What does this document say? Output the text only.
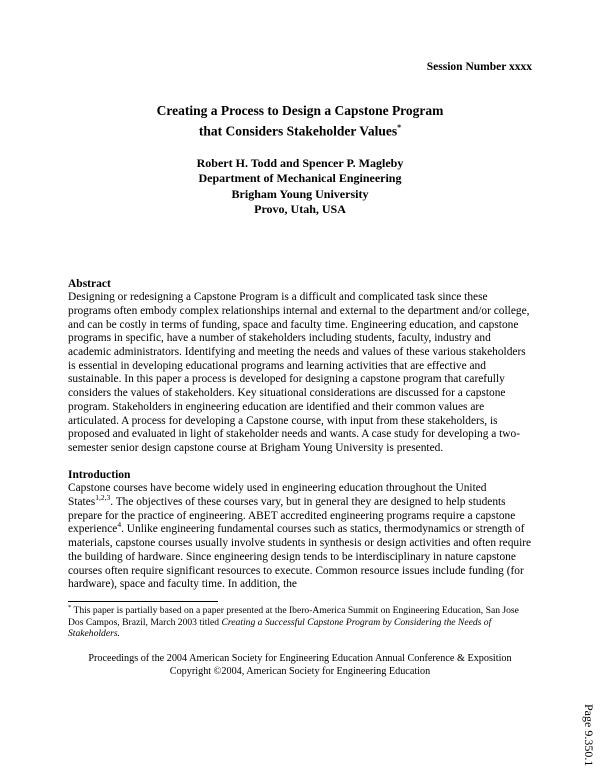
Session Number xxxx
Creating a Process to Design a Capstone Program
that Considers Stakeholder Values*
Robert H. Todd and Spencer P. Magleby
Department of Mechanical Engineering
Brigham Young University
Provo, Utah, USA
Abstract

Designing or redesigning a Capstone Program is a difficult and complicated task since these programs often embody complex relationships internal and external to the department and/or college, and can be costly in terms of funding, space and faculty time. Engineering education, and capstone programs in specific, have a number of stakeholders including students, faculty, industry and academic administrators. Identifying and meeting the needs and values of these various stakeholders is essential in developing educational programs and learning activities that are effective and sustainable. In this paper a process is developed for designing a capstone program that carefully considers the values of stakeholders. Key situational considerations are discussed for a capstone program. Stakeholders in engineering education are identified and their common values are articulated. A process for developing a Capstone course, with input from these stakeholders, is proposed and evaluated in light of stakeholder needs and wants. A case study for developing a two-semester senior design capstone course at Brigham Young University is presented.

Introduction

Capstone courses have become widely used in engineering education throughout the United States$^{1,2,3}$. The objectives of these courses vary, but in general they are designed to help students prepare for the practice of engineering. ABET accredited engineering programs require a capstone experience$^4$. Unlike engineering fundamental courses such as statics, thermodynamics or strength of materials, capstone courses usually involve students in synthesis or design activities and often require the building of hardware. Since engineering design tends to be interdisciplinary in nature capstone courses often require significant resources to execute. Common resource issues include funding (for hardware), space and faculty time. In addition, the

* This paper is partially based on a paper presented at the Ibero-America Summit on Engineering Education, San Jose Dos Campos, Brazil, March 2003 titled Creating a Successful Capstone Program by Considering the Needs of Stakeholders.
Proceedings of the 2004 American Society for Engineering Education Annual Conference & Exposition
Copyright ©2004, American Society for Engineering Education
Page 9.350.1
